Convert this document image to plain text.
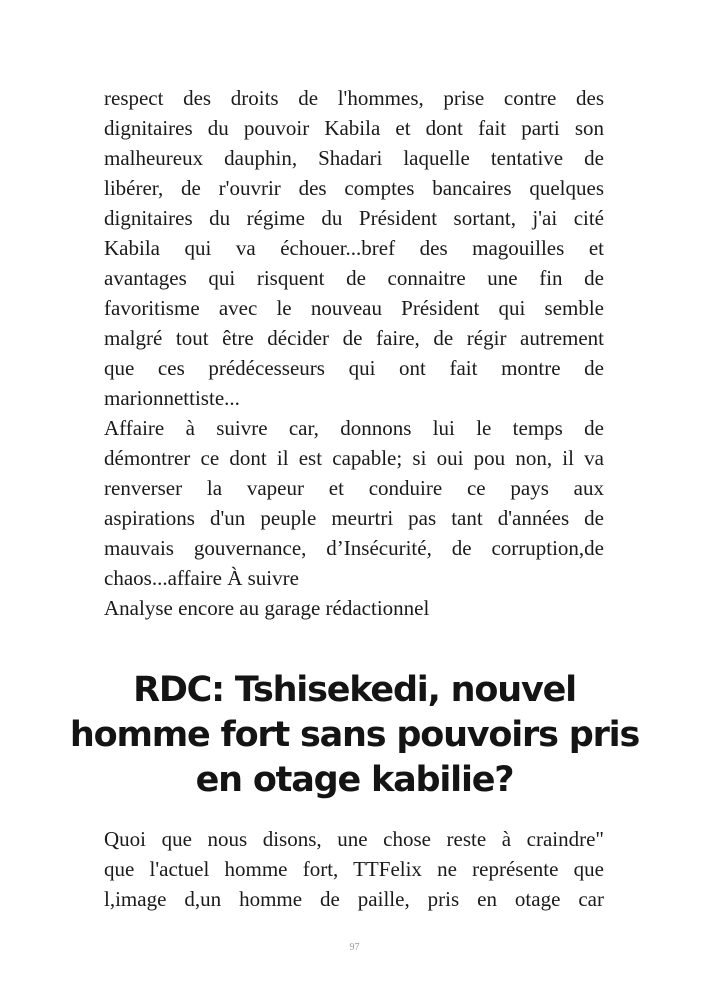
respect des droits de l'hommes, prise contre des
dignitaires du pouvoir Kabila et dont fait parti son
malheureux dauphin, Shadari laquelle tentative de
libérer, de r'ouvrir des comptes bancaires quelques
dignitaires du régime du Président sortant, j'ai cité
Kabila qui va échouer...bref des magouilles et
avantages qui risquent de connaitre une fin de
favoritisme avec le nouveau Président qui semble
malgré tout être décider de faire, de régir autrement
que ces prédécesseurs qui ont fait montre de
marionnettiste...
Affaire à suivre car, donnons lui le temps de
démontrer ce dont il est capable; si oui pou non, il va
renverser la vapeur et conduire ce pays aux
aspirations d'un peuple meurtri pas tant d'années de
mauvais gouvernance, d’Insécurité, de corruption,de
chaos...affaire À suivre
Analyse encore au garage rédactionnel
RDC: Tshisekedi, nouvel
homme fort sans pouvoirs pris
en otage kabilie?
Quoi que nous disons, une chose reste à craindre"
que l'actuel homme fort, TTFelix ne représente que
l,image d,un homme de paille, pris en otage car
97
